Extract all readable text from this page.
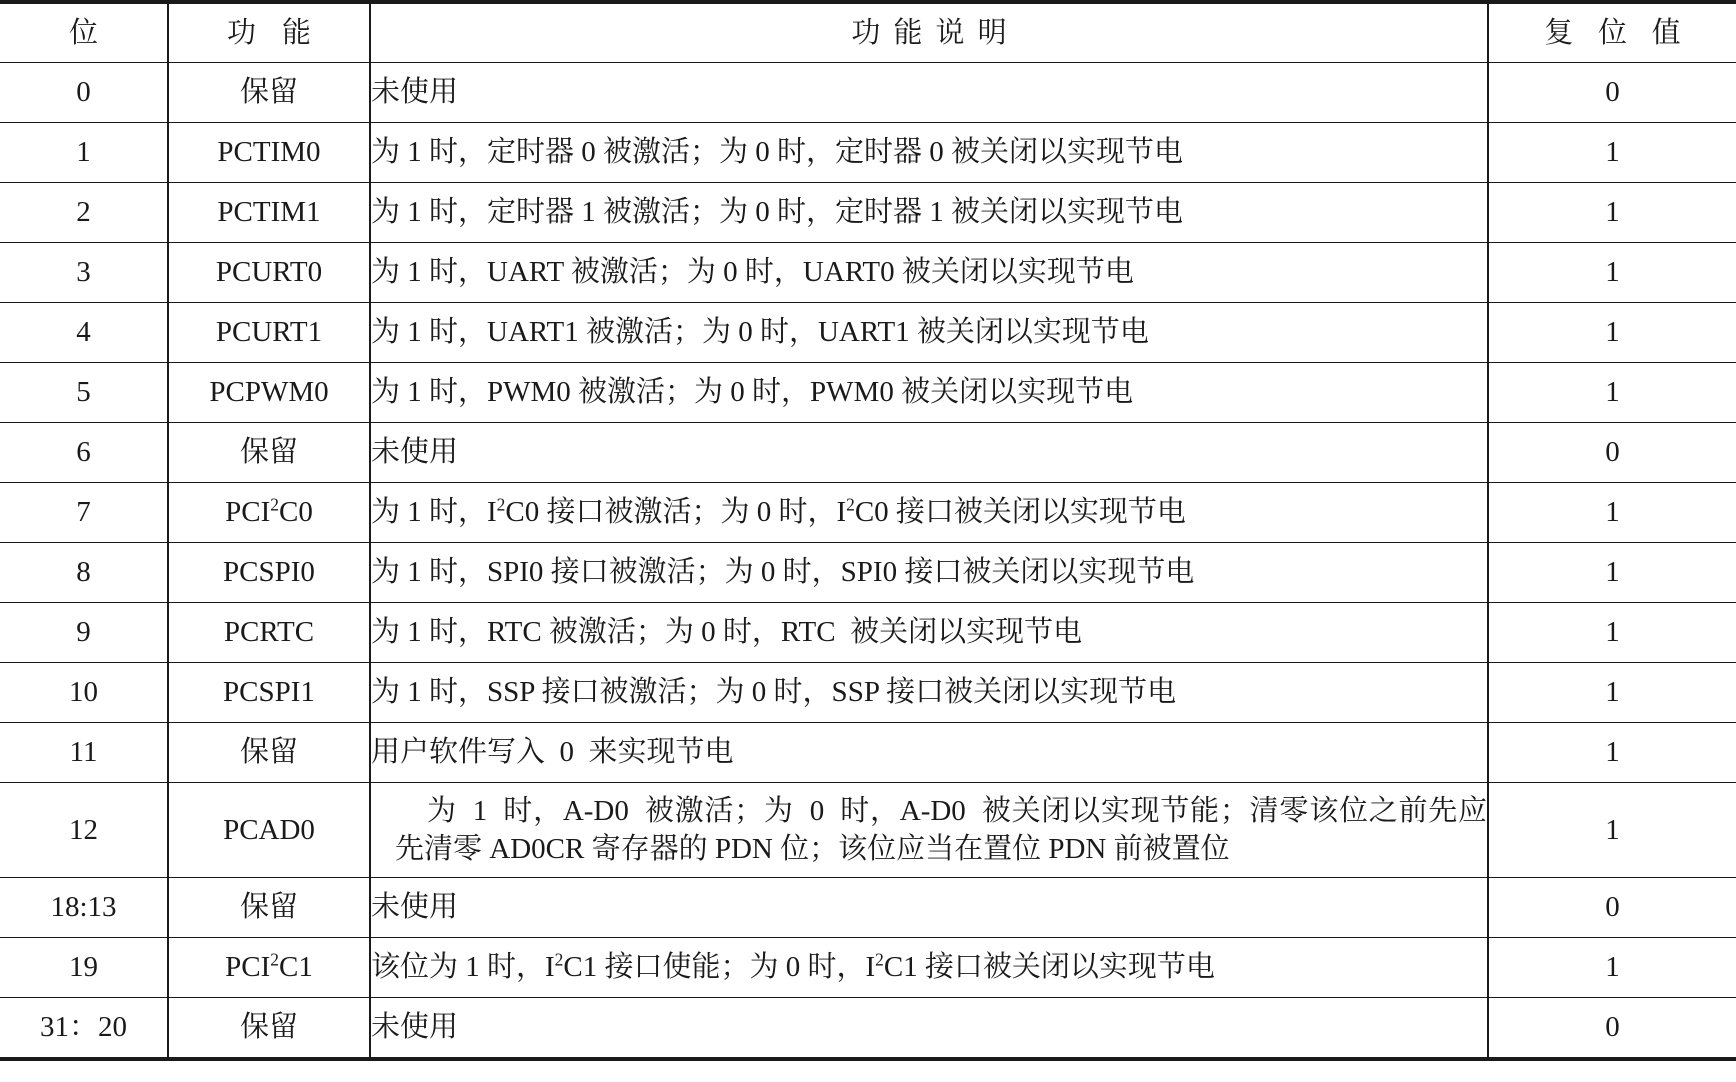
位	功能	功能说明	复位值
0	保留	未使用	0
1	PCTIM0	为 1 时，定时器 0 被激活；为 0 时，定时器 0 被关闭以实现节电	1
2	PCTIM1	为 1 时，定时器 1 被激活；为 0 时，定时器 1 被关闭以实现节电	1
3	PCURT0	为 1 时，UART 被激活；为 0 时，UART0 被关闭以实现节电	1
4	PCURT1	为 1 时，UART1 被激活；为 0 时，UART1 被关闭以实现节电	1
5	PCPWM0	为 1 时，PWM0 被激活；为 0 时，PWM0 被关闭以实现节电	1
6	保留	未使用	0
7	PCI$^2$C0	为 1 时，$I^2C0$ 接口被激活；为 0 时，$I^2C0$ 接口被关闭以实现节电	1
8	PCSPI0	为 1 时，SPI0 接口被激活；为 0 时，SPI0 接口被关闭以实现节电	1
9	PCRTC	为 1 时，RTC 被激活；为 0 时，RTC  被关闭以实现节电	1
10	PCSPI1	为 1 时，SSP 接口被激活；为 0 时，SSP 接口被关闭以实现节电	1
11	保留	用户软件写入  0  来实现节电	1
12	PCAD0	为  1  时，A-D0  被激活；为  0  时，A-D0  被关闭以实现节能；清零该位之前先应先清零 AD0CR 寄存器的 PDN 位；该位应当在置位 PDN 前被置位	1
18:13	保留	未使用	0
19	PCI$^2$C1	该位为 1 时，$I^2C1$ 接口使能；为 0 时，$I^2C1$ 接口被关闭以实现节电	1
31：20	保留	未使用	0
